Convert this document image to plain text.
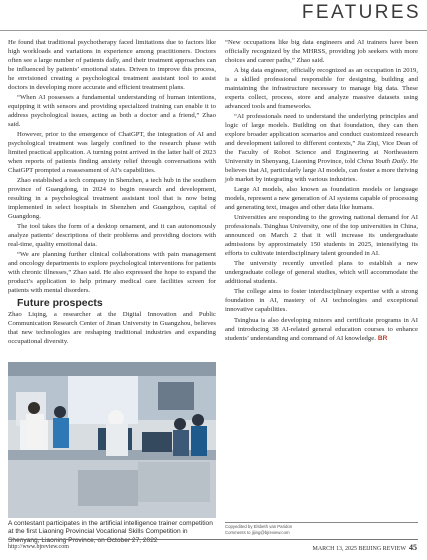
FEATURES

He found that traditional psychotherapy faced limitations due to factors like high workloads and variations in experience among practitioners. Doctors often see a large number of patients daily, and their treatment approaches can be influenced by patients’ emotional states. Driven to improve this process, he envisioned creating a psychological treatment assistant tool to assist doctors in developing more accurate and efficient treatment plans.

“When AI possesses a fundamental understanding of human intentions, equipping it with sensors and providing specialized training can enable it to address psychological issues, acting as both a doctor and a friend,” Zhao said.

However, prior to the emergence of ChatGPT, the integration of AI and psychological treatment was largely confined to the research phase with limited practical application. A turning point arrived in the latter half of 2023 when reports of patients finding anxiety relief through conversations with ChatGPT prompted a reassessment of AI’s capabilities.

Zhao established a tech company in Shenzhen, a tech hub in the southern province of Guangdong, in 2024 to begin research and development, resulting in a psychological treatment assistant tool that is now being implemented in select hospitals in Shenzhen and Guangzhou, capital of Guangdong.

The tool takes the form of a desktop ornament, and it can autonomously analyze patients’ descriptions of their problems and providing doctors with real-time, quality emotional data.

“We are planning further clinical collaborations with pain management and oncology departments to explore psychological interventions for patients with chronic illnesses,” Zhao said. He also expressed the hope to expand the product’s application to help primary medical care facilities screen for patients with mental disorders.

Future prospects

Zhao Liqing, a researcher at the Digital Innovation and Public Communication Research Center of Jinan University in Guangzhou, believes that new technologies are reshaping traditional industries and expanding occupational diversity.

A contestant participates in the artificial intelligence trainer competition at the first Liaoning Provincial Vocational Skills Competition in Shenyang, Liaoning Province, on October 27, 2022

“New occupations like big data engineers and AI trainers have been officially recognized by the MHRSS, providing job seekers with more choices and career paths,” Zhao said.

A big data engineer, officially recognized as an occupation in 2019, is a skilled professional responsible for designing, building and maintaining the infrastructure necessary to manage big data. These experts collect, process, store and analyze massive datasets using advanced tools and frameworks.

“AI professionals need to understand the underlying principles and logic of large models. Building on that foundation, they can then explore broader application scenarios and conduct customized research and development tailored to different contexts,” Jia Ziqi, Vice Dean of the Faculty of Robot Science and Engineering at Northeastern University in Shenyang, Liaoning Province, told China Youth Daily. He believes that AI, particularly large AI models, can foster a more thriving job market by integrating with various industries.

Large AI models, also known as foundation models or language models, represent a new generation of AI systems capable of processing and generating text, images and other data like humans.

Universities are responding to the growing national demand for AI professionals. Tsinghua University, one of the top universities in China, announced on March 2 that it will increase its undergraduate admissions by approximately 150 students in 2025, intensifying its efforts to cultivate interdisciplinary talent grounded in AI.

The university recently unveiled plans to establish a new undergraduate college of general studies, which will accommodate the additional students.

The college aims to foster interdisciplinary expertise with a strong foundation in AI, mastery of AI technologies and exceptional innovative capabilities.

Tsinghua is also developing minors and certificate programs in AI and introducing 38 AI-related general education courses to enhance students’ understanding and command of AI knowledge. BR

Copyedited by Elsbeth van Paridon
Comments to jijing@bjreview.com
http://www.bjreview.com	MARCH 13, 2025 BEIJING REVIEW 45
